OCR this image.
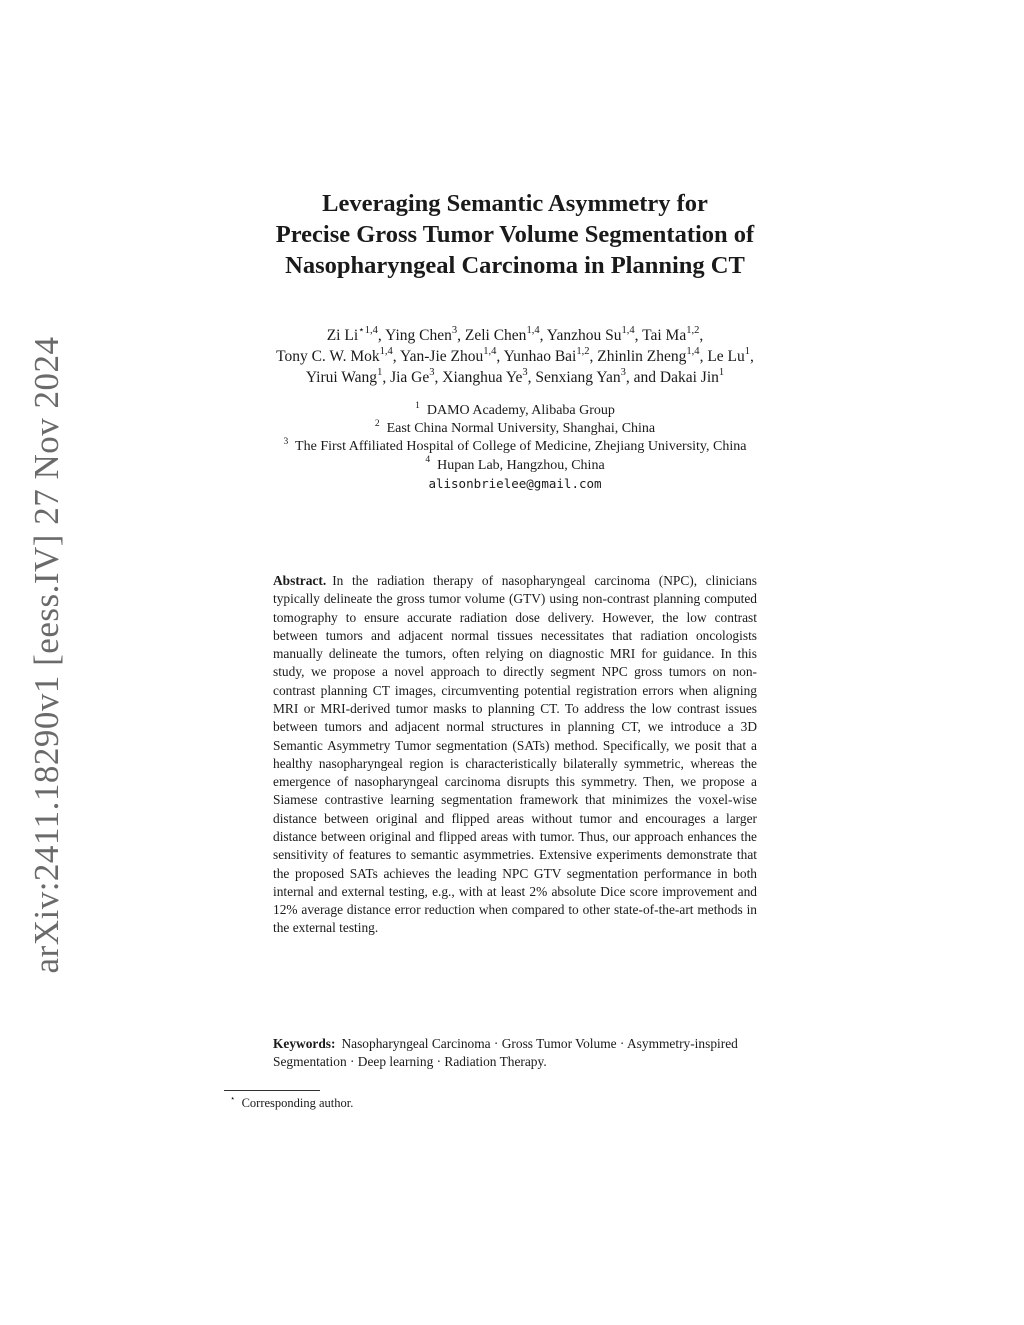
arXiv:2411.18290v1 [eess.IV] 27 Nov 2024
Leveraging Semantic Asymmetry for
Precise Gross Tumor Volume Segmentation of
Nasopharyngeal Carcinoma in Planning CT
Zi $Li^{⋆1,4}$, Ying Chen$^3$, Zeli Chen$^{1,4}$, Yanzhou Su$^{1,4}$, Tai Ma$^{1,2}$,
Tony C. W. Mok$^{1,4}$, Yan-Jie Zhou$^{1,4}$, Yunhao Bai$^{1,2}$, Zhinlin Zheng$^{1,4}$, Le Lu$^1$,
Yirui Wang$^1$, Jia Ge$^3$, Xianghua Ye$^3$, Senxiang Yan$^3$, and Dakai Jin$^1$
$^1$ DAMO Academy, Alibaba Group
$^2$ East China Normal University, Shanghai, China
$^3$ The First Affiliated Hospital of College of Medicine, Zhejiang University, China
$^4$ Hupan Lab, Hangzhou, China
alisonbrielee@gmail.com
Abstract. In the radiation therapy of nasopharyngeal carcinoma (NPC), clinicians typically delineate the gross tumor volume (GTV) using non-contrast planning computed tomography to ensure accurate radiation dose delivery. However, the low contrast between tumors and adjacent normal tissues necessitates that radiation oncologists manually delineate the tumors, often relying on diagnostic MRI for guidance. In this study, we propose a novel approach to directly segment NPC gross tumors on non-contrast planning CT images, circumventing potential registration errors when aligning MRI or MRI-derived tumor masks to planning CT. To address the low contrast issues between tumors and adjacent normal structures in planning CT, we introduce a 3D Semantic Asymmetry Tumor segmentation (SATs) method. Specifically, we posit that a healthy nasopharyngeal region is characteristically bilaterally symmetric, whereas the emergence of nasopharyngeal carcinoma disrupts this symmetry. Then, we propose a Siamese contrastive learning segmentation framework that minimizes the voxel-wise distance between original and flipped areas without tumor and encourages a larger distance between original and flipped areas with tumor. Thus, our approach enhances the sensitivity of features to semantic asymmetries. Extensive experiments demonstrate that the proposed SATs achieves the leading NPC GTV segmentation performance in both internal and external testing, e.g., with at least 2% absolute Dice score improvement and 12% average distance error reduction when compared to other state-of-the-art methods in the external testing.
Keywords: Nasopharyngeal Carcinoma · Gross Tumor Volume · Asymmetry-inspired Segmentation · Deep learning · Radiation Therapy.
⋆ Corresponding author.
